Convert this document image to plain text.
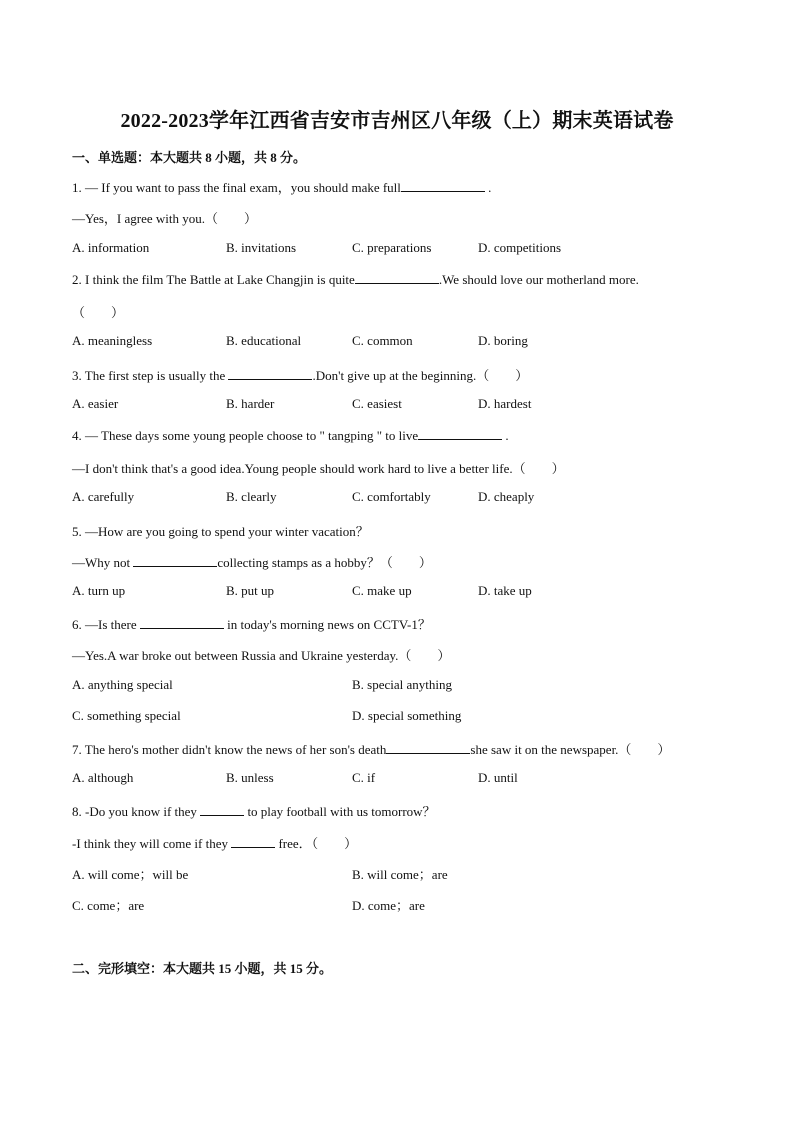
2022-2023学年江西省吉安市吉州区八年级（上）期末英语试卷
一、单选题：本大题共 8 小题，共 8 分。
1. — If you want to pass the final exam，you should make full	.
—Yes，I agree with you.（　　）
A. information	B. invitations	C. preparations	D. competitions
2. I think the film The Battle at Lake Changjin is quite	.We should love our motherland more.
（　　）
A. meaningless	B. educational	C. common	D. boring
3. The first step is usually the	.Don't give up at the beginning.（　　）
A. easier	B. harder	C. easiest	D. hardest
4. — These days some young people choose to " tangping " to live	.
—I don't think that's a good idea.Young people should work hard to live a better life.（　　）
A. carefully	B. clearly	C. comfortably	D. cheaply
5. —How are you going to spend your winter vacation？
—Why not	collecting stamps as a hobby？（　　）
A. turn up	B. put up	C. make up	D. take up
6. —Is there	in today's morning news on CCTV-1？
—Yes.A war broke out between Russia and Ukraine yesterday.（　　）
A. anything special	B. special anything
C. something special	D. special something
7. The hero's mother didn't know the news of her son's death	she saw it on the newspaper.（　　）
A. although	B. unless	C. if	D. until
8. -Do you know if they	to play football with us tomorrow？
-I think they will come if they	free．（　　）
A. will come；will be	B. will come；are
C. come；are	D. come；are
二、完形填空：本大题共 15 小题，共 15 分。
